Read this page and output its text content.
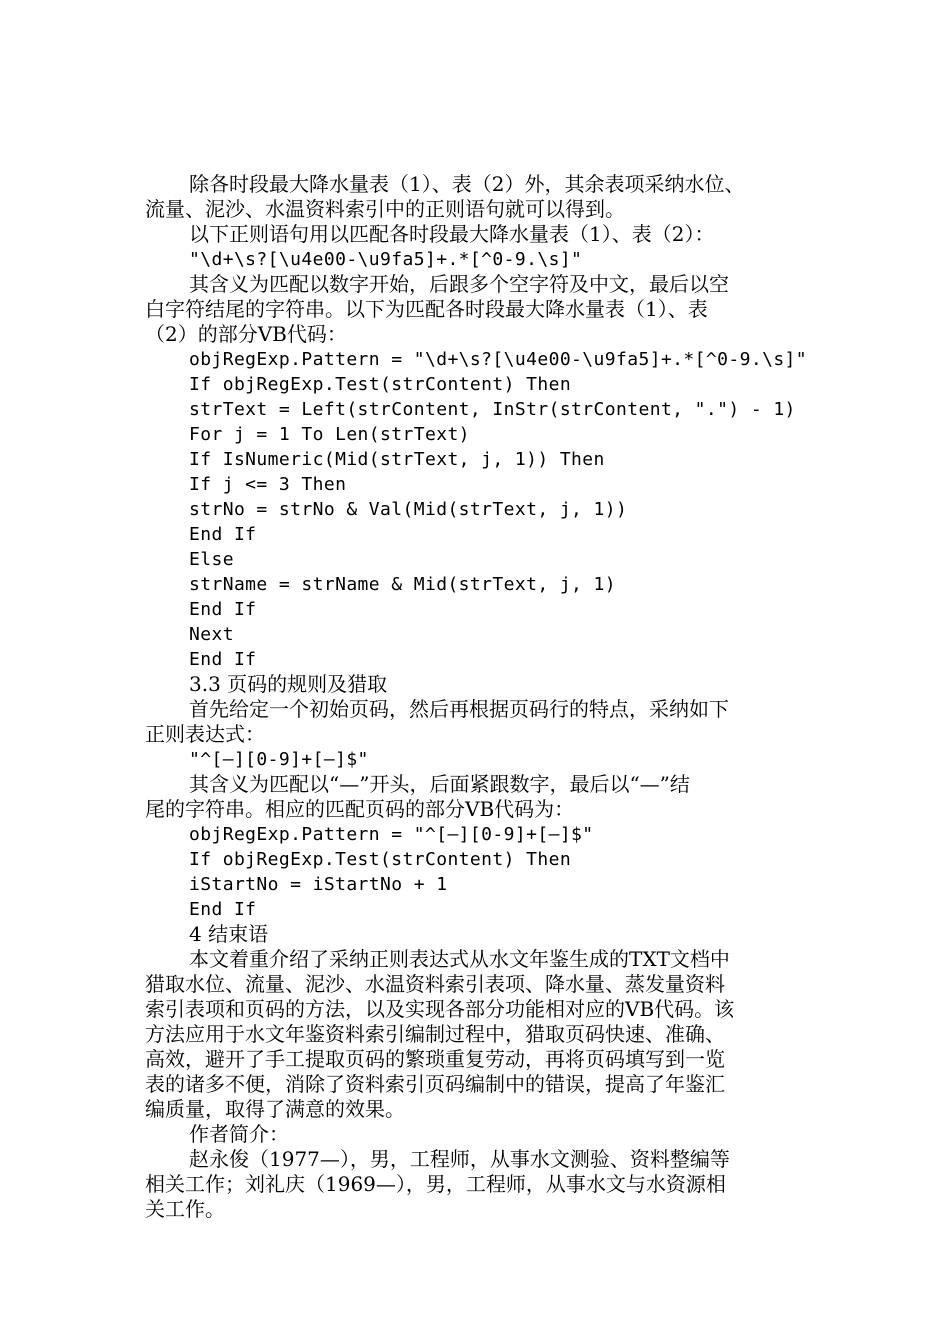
除各时段最大降水量表（1）、表（2）外，其余表项采纳水位、
流量、泥沙、水温资料索引中的正则语句就可以得到。
以下正则语句用以匹配各时段最大降水量表（1）、表（2）：
"\d+\s?[\u4e00-\u9fa5]+.*[^0-9.\s]"
其含义为匹配以数字开始，后跟多个空字符及中文，最后以空
白字符结尾的字符串。以下为匹配各时段最大降水量表（1）、表
（2）的部分VB代码：
objRegExp.Pattern = "\d+\s?[\u4e00-\u9fa5]+.*[^0-9.\s]"
If objRegExp.Test(strContent) Then
strText = Left(strContent, InStr(strContent, ".") - 1)
For j = 1 To Len(strText)
If IsNumeric(Mid(strText, j, 1)) Then
If j <= 3 Then
strNo = strNo & Val(Mid(strText, j, 1))
End If
Else
strName = strName & Mid(strText, j, 1)
End If
Next
End If
3.3 页码的规则及猎取
首先给定一个初始页码，然后再根据页码行的特点，采纳如下
正则表达式：
"^[—][0-9]+[—]$"
其含义为匹配以“—”开头，后面紧跟数字，最后以“—”结
尾的字符串。相应的匹配页码的部分VB代码为：
objRegExp.Pattern = "^[—][0-9]+[—]$"
If objRegExp.Test(strContent) Then
iStartNo = iStartNo + 1
End If
4 结束语
本文着重介绍了采纳正则表达式从水文年鉴生成的TXT文档中
猎取水位、流量、泥沙、水温资料索引表项、降水量、蒸发量资料
索引表项和页码的方法，以及实现各部分功能相对应的VB代码。该
方法应用于水文年鉴资料索引编制过程中，猎取页码快速、准确、
高效，避开了手工提取页码的繁琐重复劳动，再将页码填写到一览
表的诸多不便，消除了资料索引页码编制中的错误，提高了年鉴汇
编质量，取得了满意的效果。
作者简介：
赵永俊（1977—），男，工程师，从事水文测验、资料整编等
相关工作；刘礼庆（1969—），男，工程师，从事水文与水资源相
关工作。
